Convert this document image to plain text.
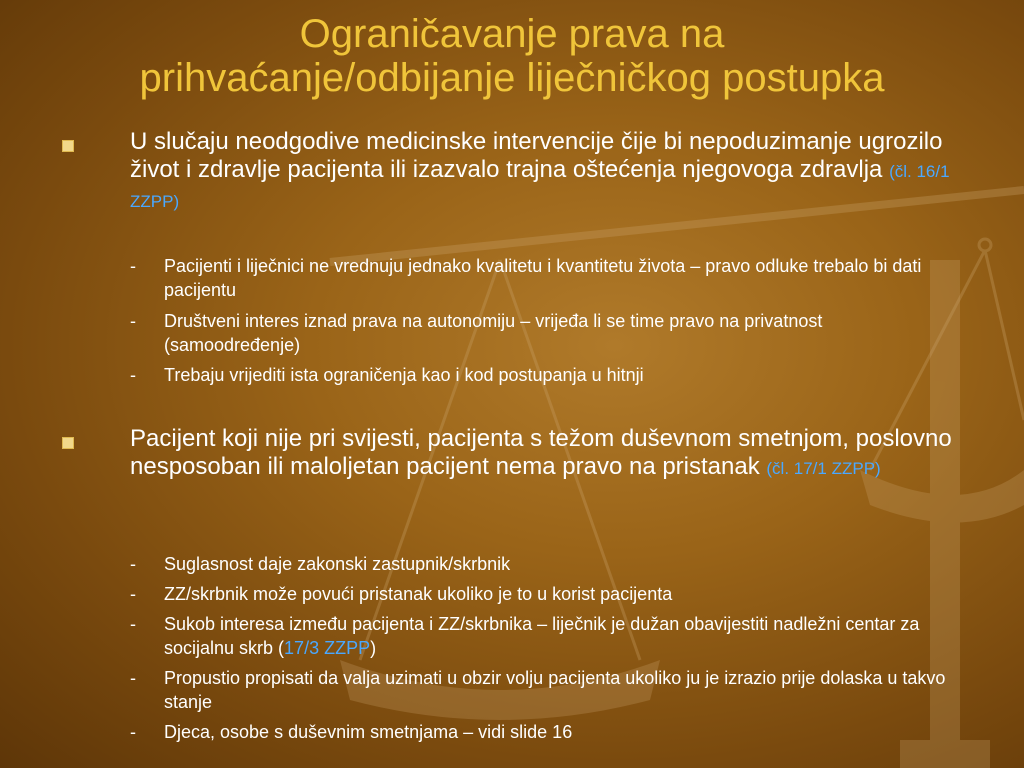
Ograničavanje prava na
prihvaćanje/odbijanje liječničkog postupka
U slučaju neodgodive medicinske intervencije čije bi nepoduzimanje ugrozilo život i zdravlje pacijenta ili izazvalo trajna oštećenja njegovoga zdravlja (čl. 16/1 ZZPP)
-	Pacijenti i liječnici ne vrednuju jednako kvalitetu i kvantitetu života – pravo odluke trebalo bi dati pacijentu
-	Društveni interes iznad prava na autonomiju – vrijeđa li se time pravo na privatnost (samoodređenje)
-	Trebaju vrijediti ista ograničenja kao i kod postupanja u hitnji
Pacijent koji nije pri svijesti, pacijenta s težom duševnom smetnjom, poslovno nesposoban ili maloljetan pacijent nema pravo na pristanak (čl. 17/1 ZZPP)
-	Suglasnost daje zakonski zastupnik/skrbnik
-	ZZ/skrbnik može povući pristanak ukoliko je to u korist pacijenta
-	Sukob interesa između pacijenta i ZZ/skrbnika – liječnik je dužan obavijestiti nadležni centar za socijalnu skrb (17/3 ZZPP)
-	Propustio propisati da valja uzimati u obzir volju pacijenta ukoliko ju je izrazio prije dolaska u takvo stanje
-	Djeca, osobe s duševnim smetnjama – vidi slide 16
